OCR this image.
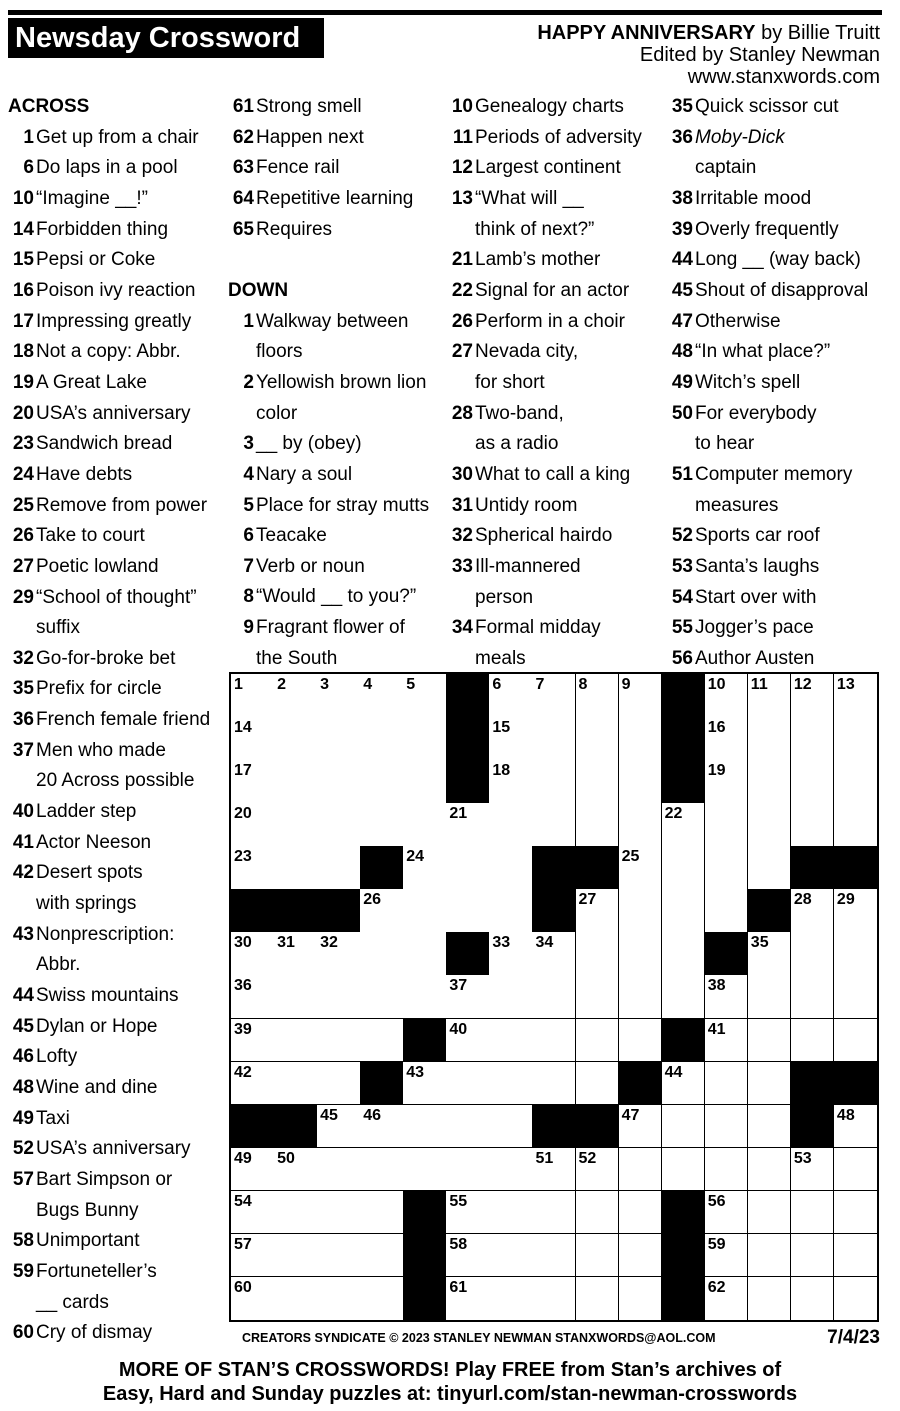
Newsday Crossword	HAPPY ANNIVERSARY by Billie Truitt
Edited by Stanley Newman
www.stanxwords.com
ACROSS
1 Get up from a chair
6 Do laps in a pool
10 “Imagine __!”
14 Forbidden thing
15 Pepsi or Coke
16 Poison ivy reaction
17 Impressing greatly
18 Not a copy: Abbr.
19 A Great Lake
20 USA’s anniversary
23 Sandwich bread
24 Have debts
25 Remove from power
26 Take to court
27 Poetic lowland
29 “School of thought”
suffix
32 Go-for-broke bet
35 Prefix for circle
36 French female friend
37 Men who made
20 Across possible
40 Ladder step
41 Actor Neeson
42 Desert spots
with springs
43 Nonprescription:
Abbr.
44 Swiss mountains
45 Dylan or Hope
46 Lofty
48 Wine and dine
49 Taxi
52 USA’s anniversary
57 Bart Simpson or
Bugs Bunny
58 Unimportant
59 Fortuneteller’s
__ cards
60 Cry of dismay
61 Strong smell
62 Happen next
63 Fence rail
64 Repetitive learning
65 Requires
DOWN
1 Walkway between
floors
2 Yellowish brown lion
color
3 __ by (obey)
4 Nary a soul
5 Place for stray mutts
6 Teacake
7 Verb or noun
8 “Would __ to you?”
9 Fragrant flower of
the South
10 Genealogy charts
11 Periods of adversity
12 Largest continent
13 “What will __
think of next?”
21 Lamb’s mother
22 Signal for an actor
26 Perform in a choir
27 Nevada city,
for short
28 Two-band,
as a radio
30 What to call a king
31 Untidy room
32 Spherical hairdo
33 Ill-mannered
person
34 Formal midday
meals
35 Quick scissor cut
36 Moby-Dick
captain
38 Irritable mood
39 Overly frequently
44 Long __ (way back)
45 Shout of disapproval
47 Otherwise
48 “In what place?”
49 Witch’s spell
50 For everybody
to hear
51 Computer memory
measures
52 Sports car roof
53 Santa’s laughs
54 Start over with
55 Jogger’s pace
56 Author Austen
1 2 3 4 5	6 7 8 9	10 11 12 13
14	15	16
17	18	19
20	21	22
23	24	25
26	27	28 29
30 31 32	33 34	35
36	37	38
39	40	41
42	43	44
45 46	47	48
49 50	51 52	53
54	55	56
57	58	59
60	61	62
CREATORS SYNDICATE © 2023 STANLEY NEWMAN STANXWORDS@AOL.COM	7/4/23
MORE OF STAN’S CROSSWORDS! Play FREE from Stan’s archives of
Easy, Hard and Sunday puzzles at: tinyurl.com/stan-newman-crosswords
